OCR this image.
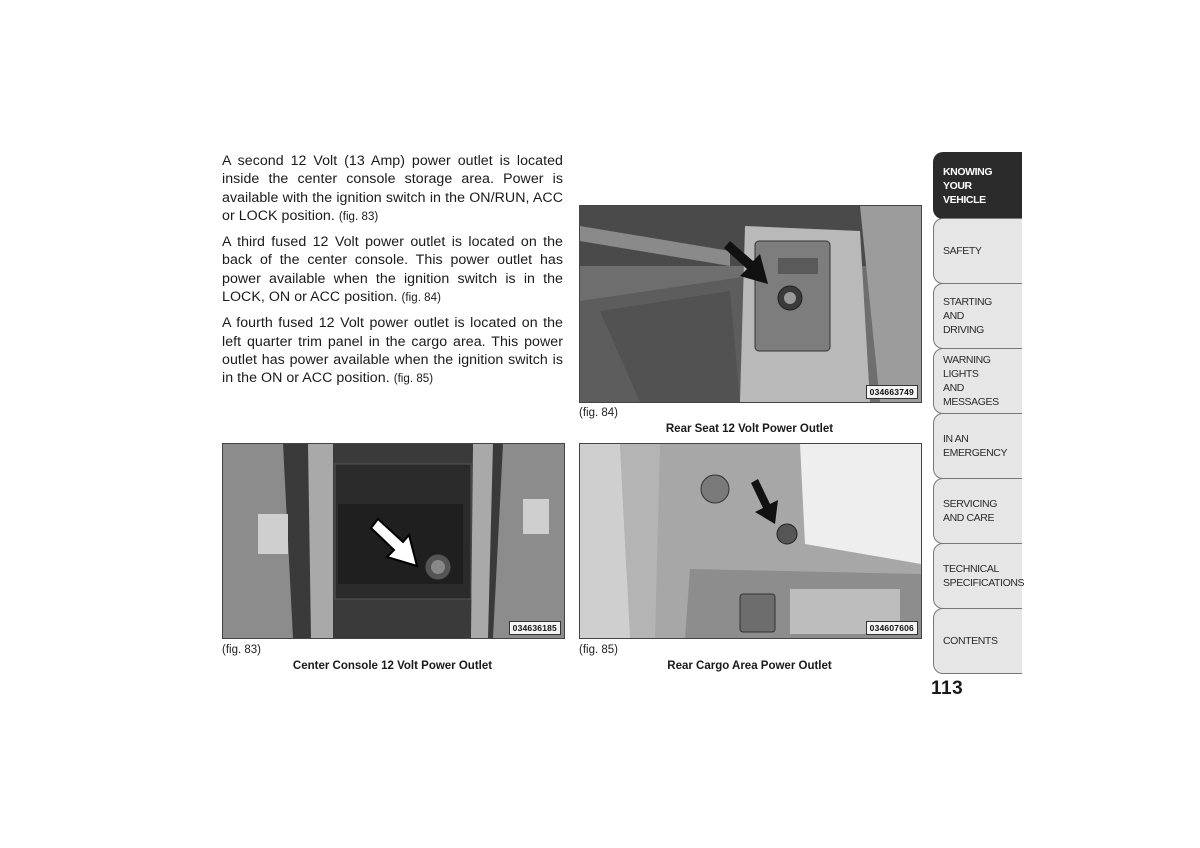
A second 12 Volt (13 Amp) power outlet is located inside the center console storage area. Power is available with the ignition switch in the ON/RUN, ACC or LOCK position. (fig. 83)

A third fused 12 Volt power outlet is located on the back of the center console. This power outlet has power available when the ignition switch is in the LOCK, ON or ACC position. (fig. 84)

A fourth fused 12 Volt power outlet is located on the left quarter trim panel in the cargo area. This power outlet has power available when the ignition switch is in the ON or ACC position. (fig. 85)

034663749
(fig. 84)
Rear Seat 12 Volt Power Outlet
034636185
(fig. 83)
Center Console 12 Volt Power Outlet
034607606
(fig. 85)
Rear Cargo Area Power Outlet
KNOWING
YOUR
VEHICLE
SAFETY
STARTING
AND
DRIVING
WARNING
LIGHTS
AND
MESSAGES
IN AN
EMERGENCY
SERVICING
AND CARE
TECHNICAL
SPECIFICATIONS
CONTENTS
113
